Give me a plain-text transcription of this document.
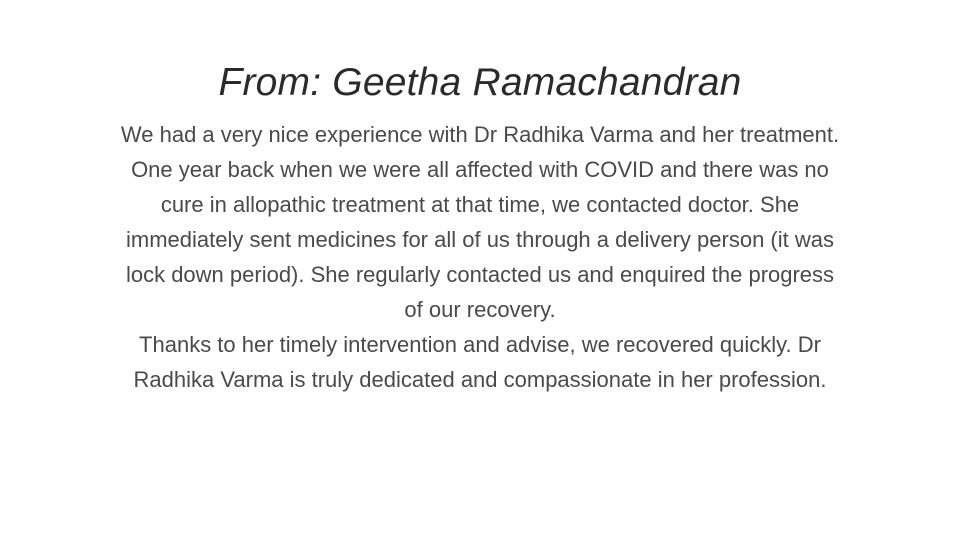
From: Geetha Ramachandran
We had a very nice experience with Dr Radhika Varma and her treatment.
One year back when we were all affected with COVID and there was no
cure in allopathic treatment at that time, we contacted doctor. She
immediately sent medicines for all of us through a delivery person (it was
lock down period). She regularly contacted us and enquired the progress
of our recovery.
Thanks to her timely intervention and advise, we recovered quickly. Dr
Radhika Varma is truly dedicated and compassionate in her profession.
